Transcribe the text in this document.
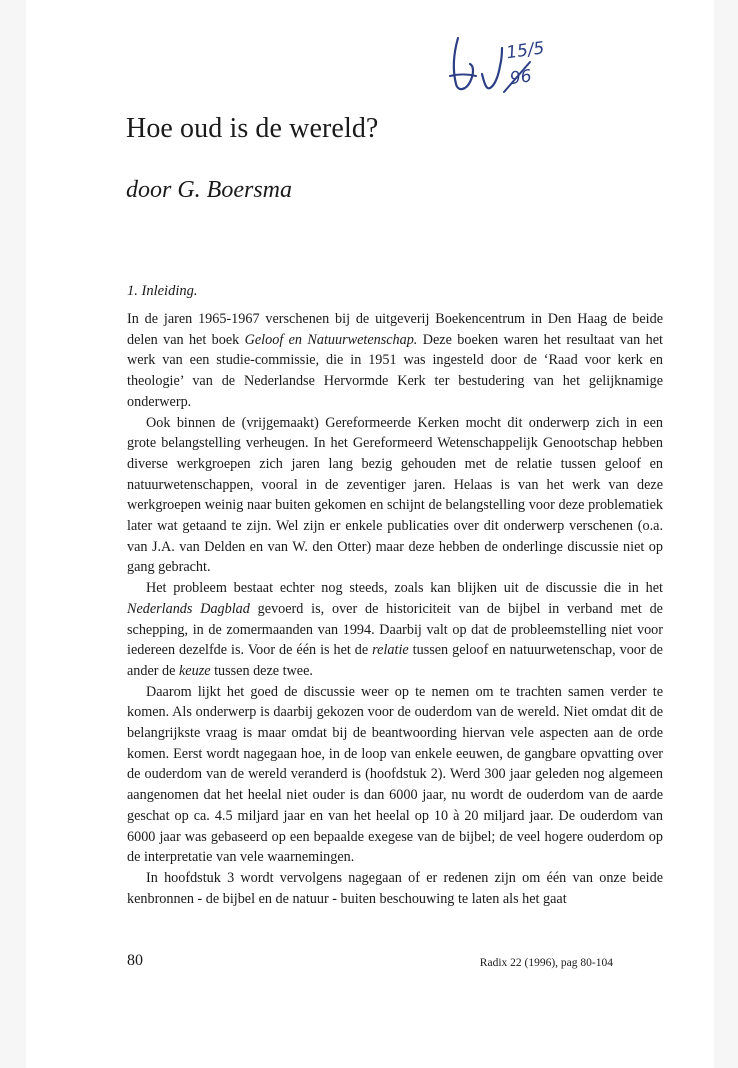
15/5 96
Hoe oud is de wereld?
door G. Boersma
1. Inleiding.

In de jaren 1965-1967 verschenen bij de uitgeverij Boekencentrum in Den Haag de beide delen van het boek Geloof en Natuurwetenschap. Deze boeken waren het resultaat van het werk van een studie-commissie, die in 1951 was ingesteld door de ‘Raad voor kerk en theologie’ van de Nederlandse Hervormde Kerk ter bestudering van het gelijknamige onderwerp.

Ook binnen de (vrijgemaakt) Gereformeerde Kerken mocht dit onderwerp zich in een grote belangstelling verheugen. In het Gereformeerd Wetenschappelijk Genootschap hebben diverse werkgroepen zich jaren lang bezig gehouden met de relatie tussen geloof en natuurwetenschappen, vooral in de zeventiger jaren. Helaas is van het werk van deze werkgroepen weinig naar buiten gekomen en schijnt de belangstelling voor deze problematiek later wat getaand te zijn. Wel zijn er enkele publicaties over dit onderwerp verschenen (o.a. van J.A. van Delden en van W. den Otter) maar deze hebben de onderlinge discussie niet op gang gebracht.

Het probleem bestaat echter nog steeds, zoals kan blijken uit de discussie die in het Nederlands Dagblad gevoerd is, over de historiciteit van de bijbel in verband met de schepping, in de zomermaanden van 1994. Daarbij valt op dat de probleemstelling niet voor iedereen dezelfde is. Voor de één is het de relatie tussen geloof en natuurwetenschap, voor de ander de keuze tussen deze twee.

Daarom lijkt het goed de discussie weer op te nemen om te trachten samen verder te komen. Als onderwerp is daarbij gekozen voor de ouderdom van de wereld. Niet omdat dit de belangrijkste vraag is maar omdat bij de beantwoording hiervan vele aspecten aan de orde komen. Eerst wordt nagegaan hoe, in de loop van enkele eeuwen, de gangbare opvatting over de ouderdom van de wereld veranderd is (hoofdstuk 2). Werd 300 jaar geleden nog algemeen aangenomen dat het heelal niet ouder is dan 6000 jaar, nu wordt de ouderdom van de aarde geschat op ca. 4.5 miljard jaar en van het heelal op 10 à 20 miljard jaar. De ouderdom van 6000 jaar was gebaseerd op een bepaalde exegese van de bijbel; de veel hogere ouderdom op de interpretatie van vele waarnemingen.

In hoofdstuk 3 wordt vervolgens nagegaan of er redenen zijn om één van onze beide kenbronnen - de bijbel en de natuur - buiten beschouwing te laten als het gaat

80	Radix 22 (1996), pag 80-104
